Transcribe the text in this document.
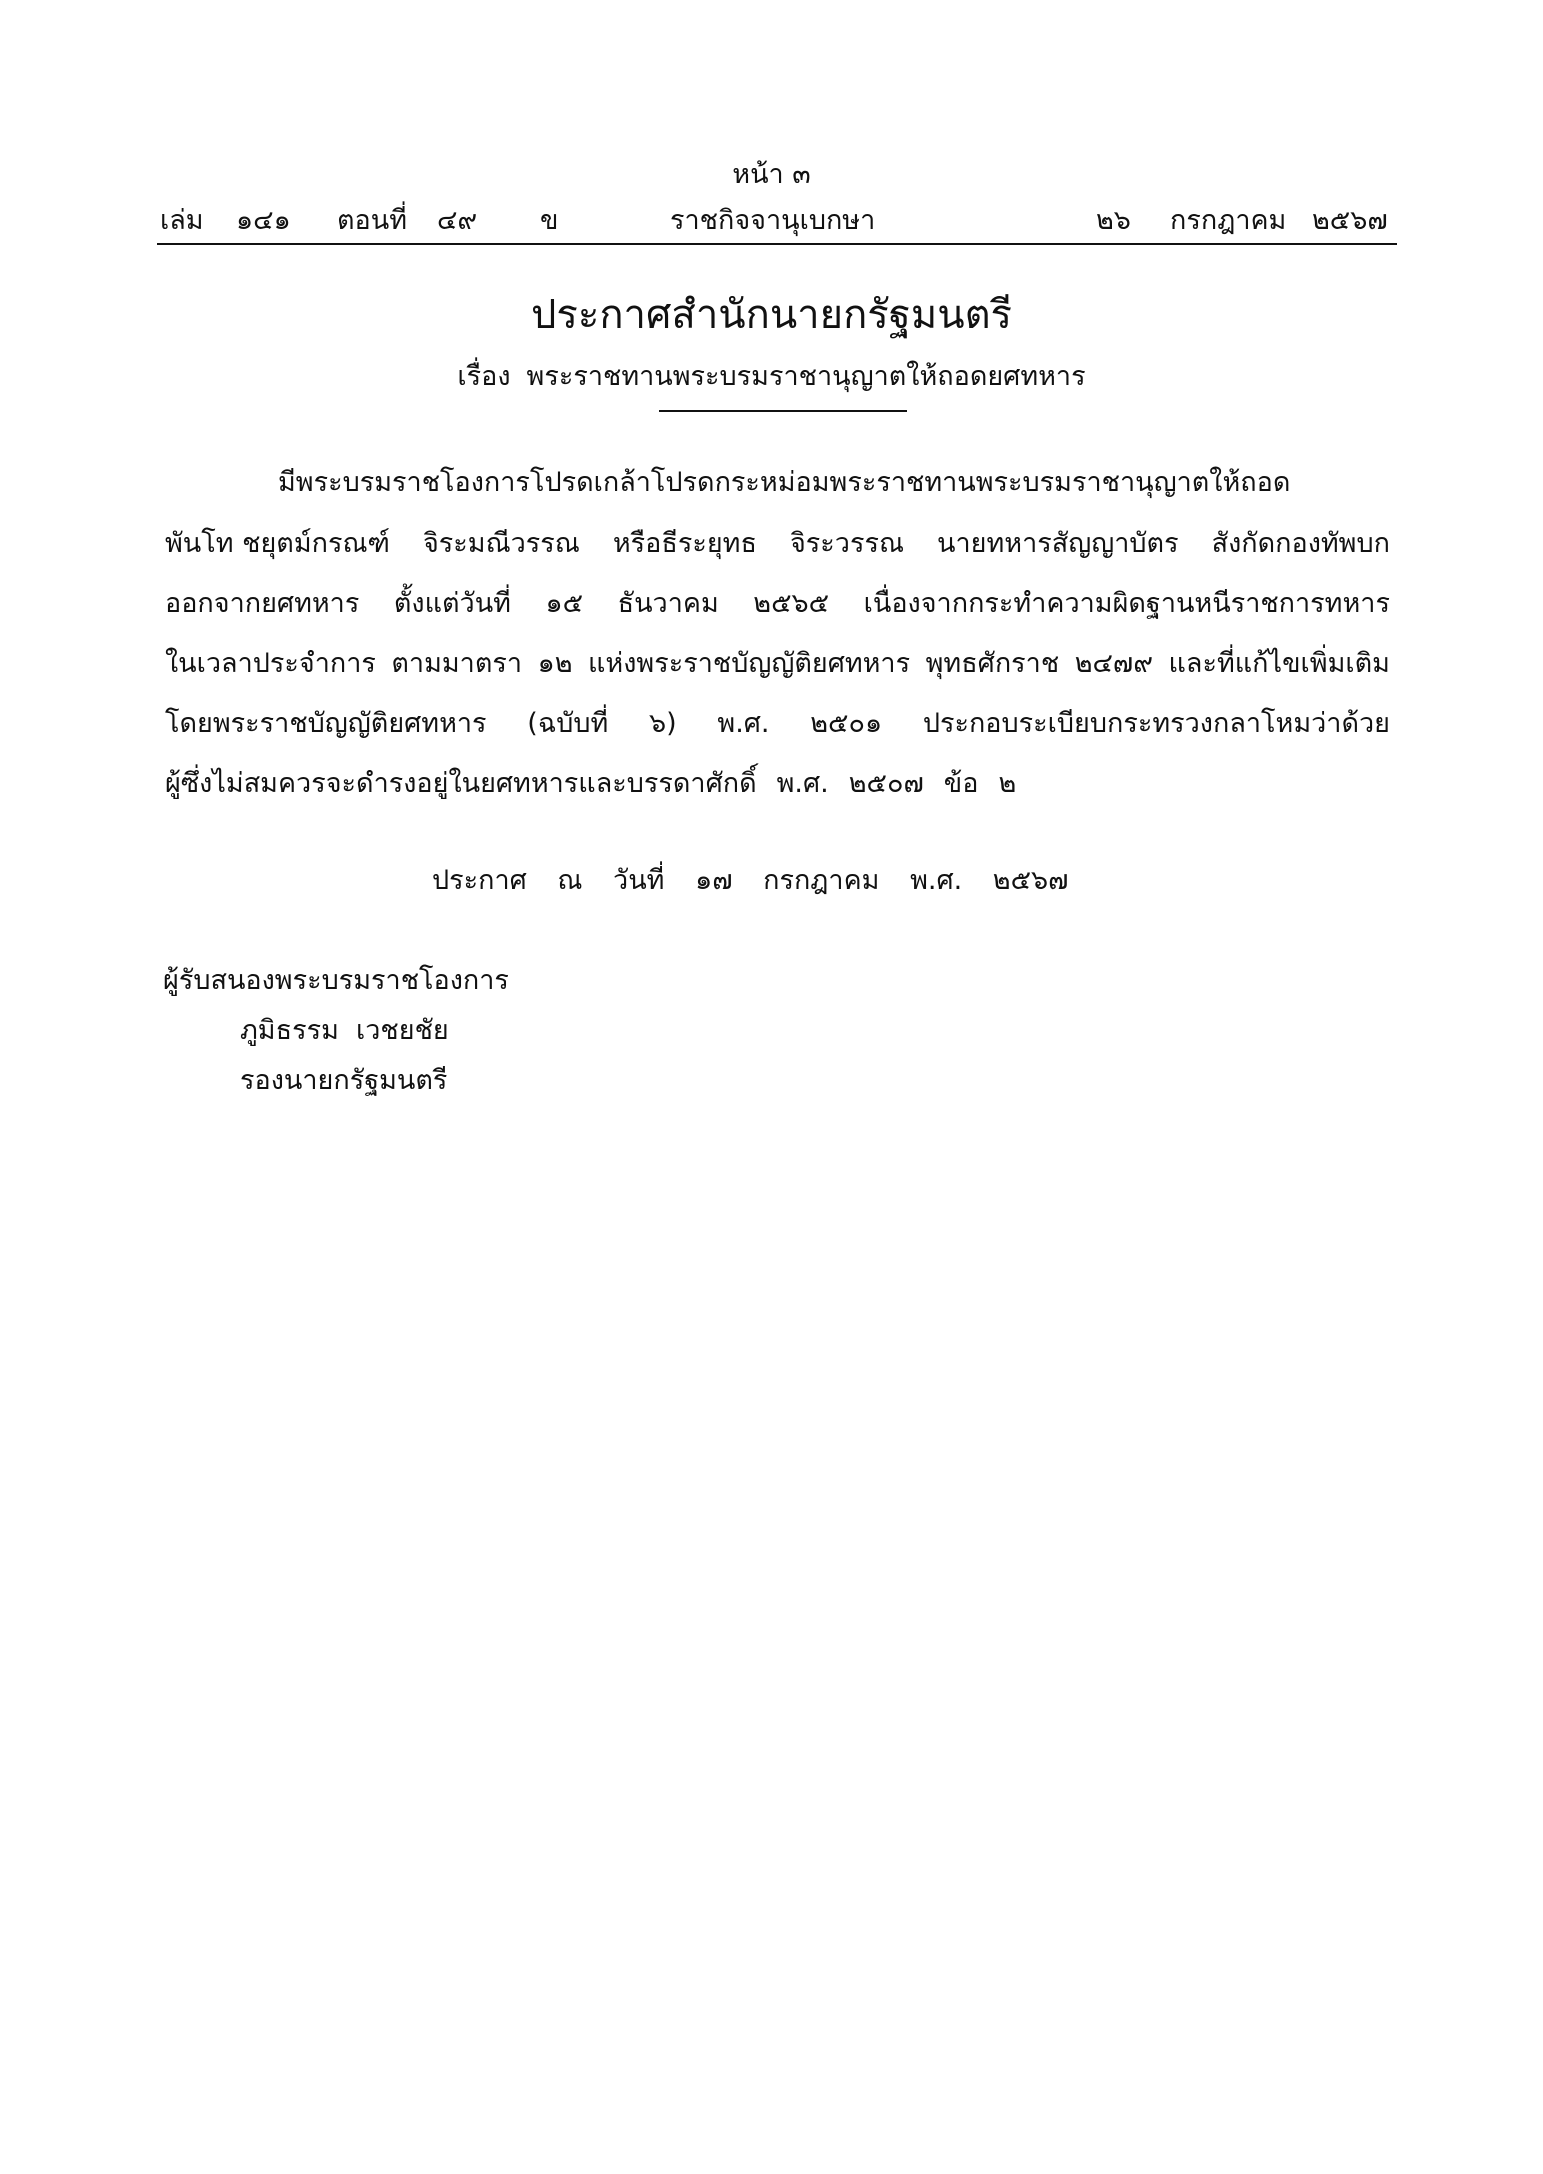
หน้า ๓
เล่ม ๑๔๑ ตอนที่ ๔๙ ข	ราชกิจจานุเบกษา	๒๖ กรกฎาคม ๒๕๖๗
ประกาศสำนักนายกรัฐมนตรี
เรื่อง พระราชทานพระบรมราชานุญาตให้ถอดยศทหาร
มีพระบรมราชโองการโปรดเกล้าโปรดกระหม่อมพระราชทานพระบรมราชานุญาตให้ถอด
พันโท ชยุตม์กรณฑ์ จิระมณีวรรณ หรือธีระยุทธ จิระวรรณ นายทหารสัญญาบัตร สังกัดกองทัพบก
ออกจากยศทหาร ตั้งแต่วันที่ ๑๕ ธันวาคม ๒๕๖๕ เนื่องจากกระทำความผิดฐานหนีราชการทหาร
ในเวลาประจำการ ตามมาตรา ๑๒ แห่งพระราชบัญญัติยศทหาร พุทธศักราช ๒๔๗๙ และที่แก้ไขเพิ่มเติม
โดยพระราชบัญญัติยศทหาร (ฉบับที่ ๖) พ.ศ. ๒๕๐๑ ประกอบระเบียบกระทรวงกลาโหมว่าด้วย
ผู้ซึ่งไม่สมควรจะดำรงอยู่ในยศทหารและบรรดาศักดิ์ พ.ศ. ๒๕๐๗ ข้อ ๒
ประกาศ ณ วันที่ ๑๗ กรกฎาคม พ.ศ. ๒๕๖๗
ผู้รับสนองพระบรมราชโองการ
ภูมิธรรม  เวชยชัย
รองนายกรัฐมนตรี
